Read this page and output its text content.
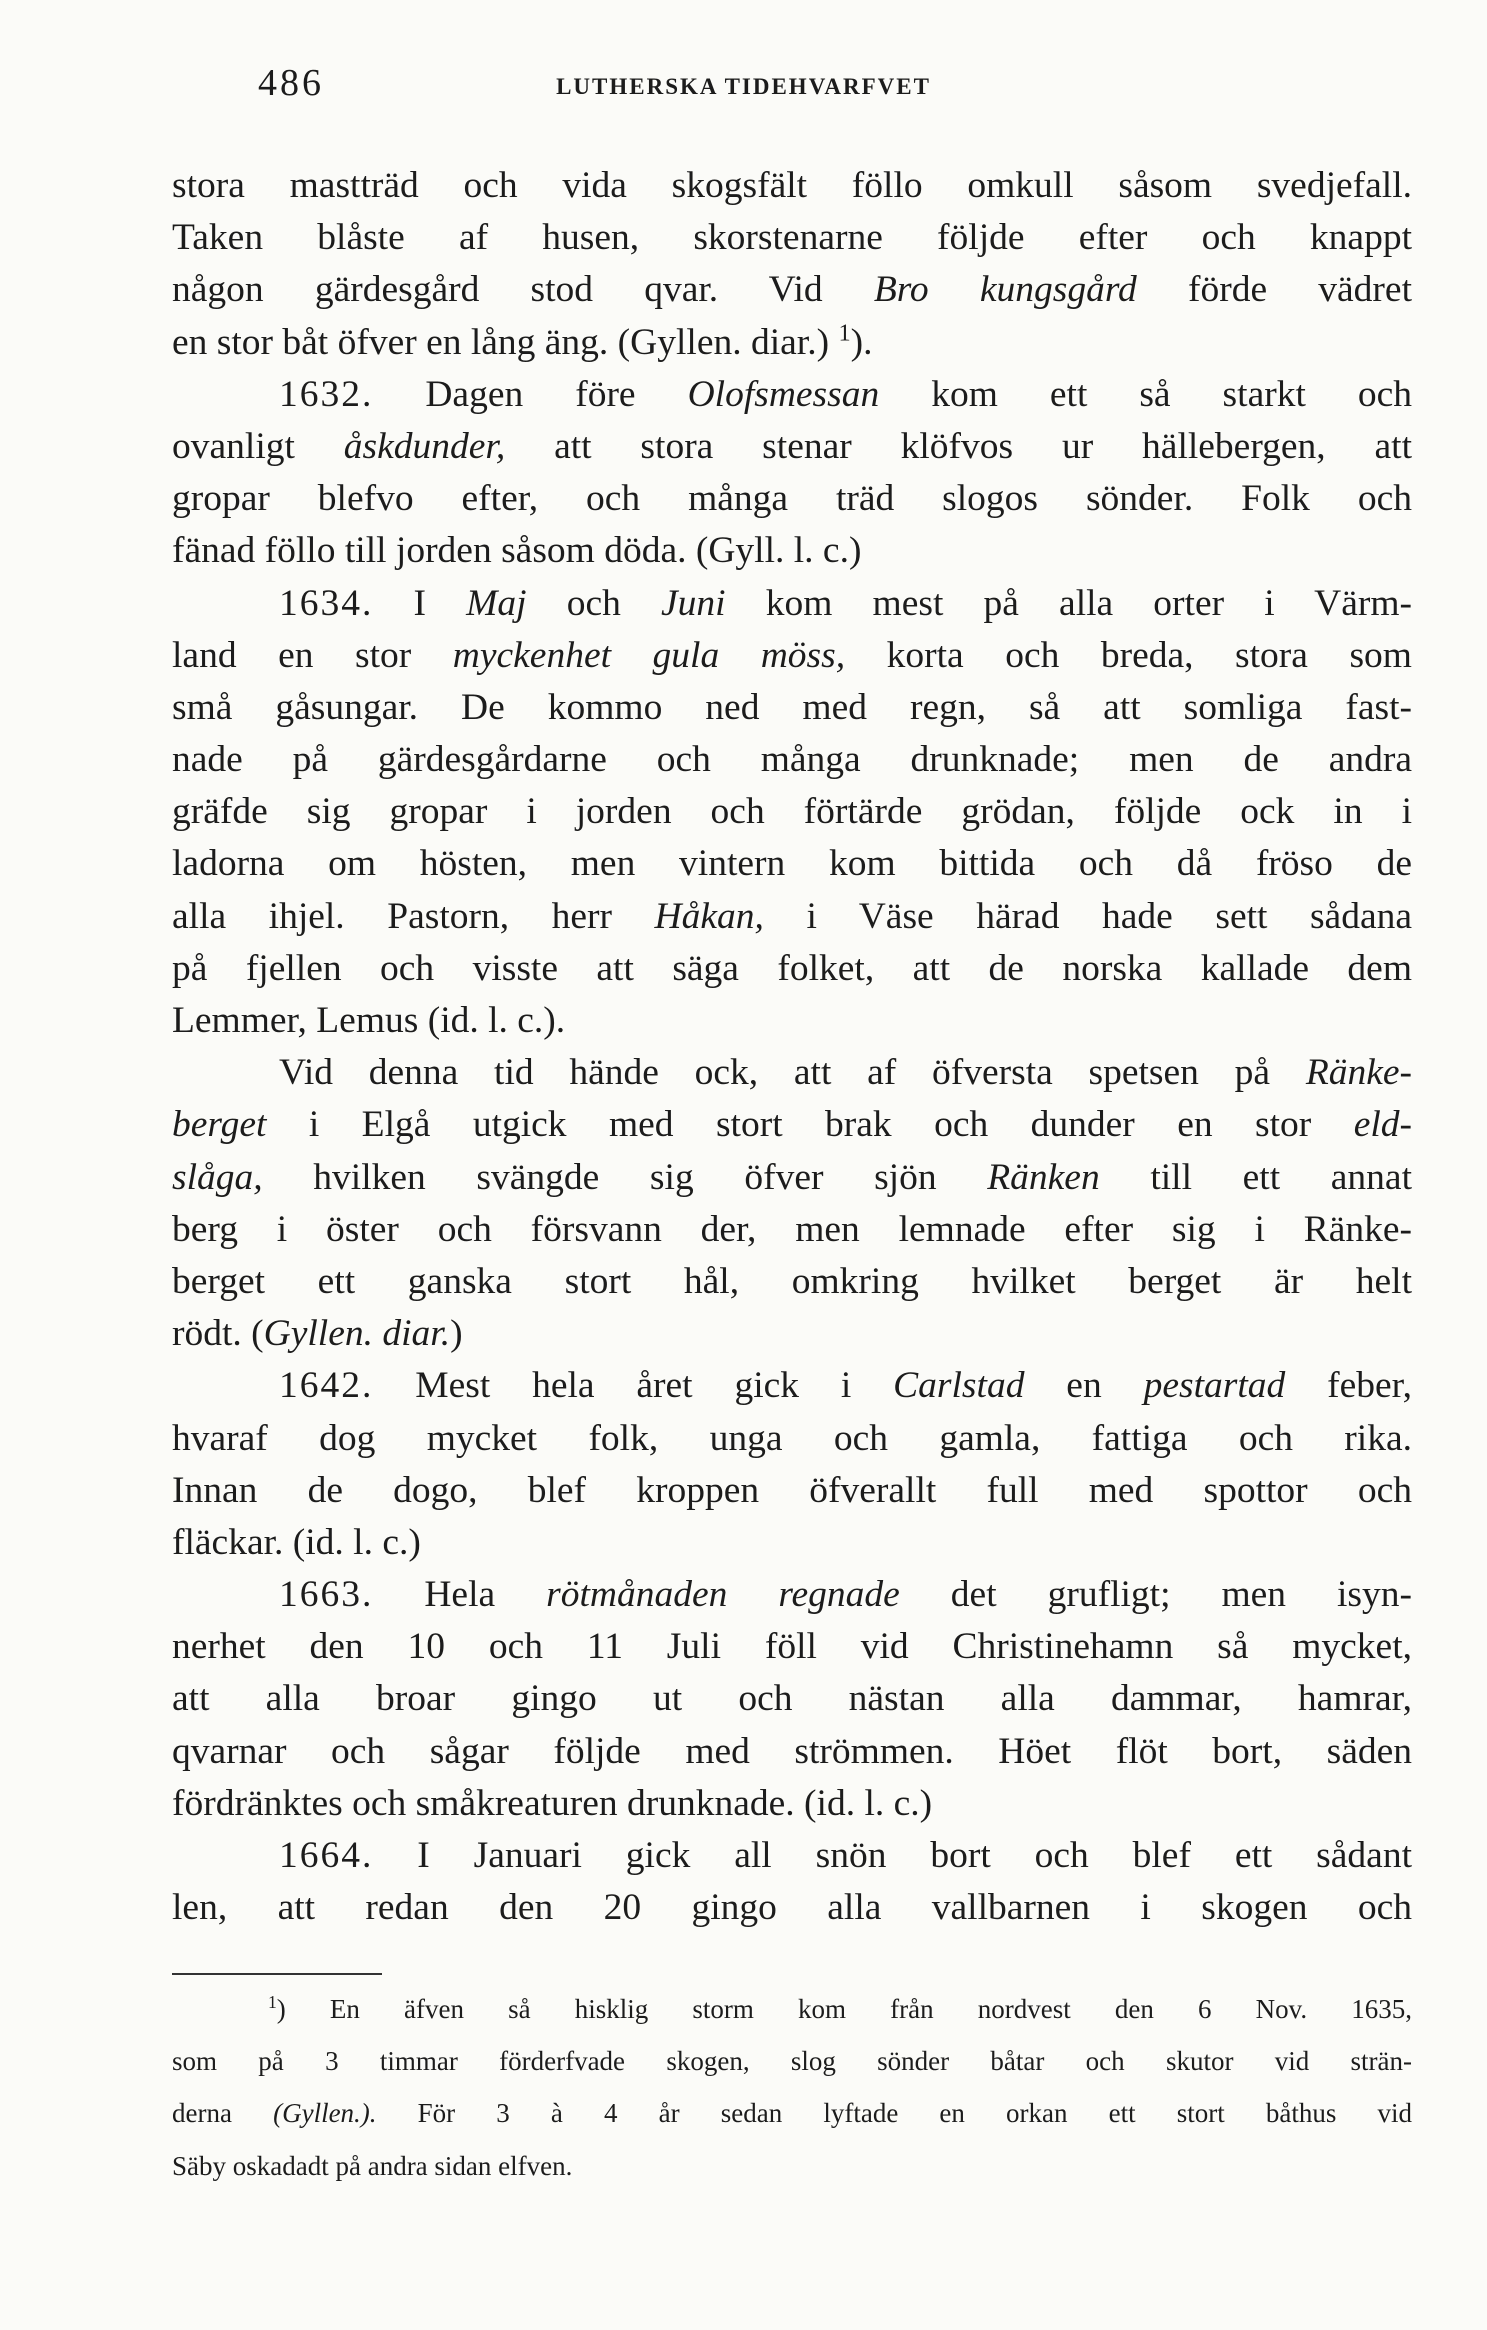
486	LUTHERSKA TIDEHVARFVET
stora mastträd och vida skogsfält föllo omkull såsom svedjefall.
Taken blåste af husen, skorstenarne följde efter och knappt
någon gärdesgård stod qvar. Vid Bro kungsgård förde vädret
en stor båt öfver en lång äng. (Gyllen. diar.) $^1$).
1632. Dagen före Olofsmessan kom ett så starkt och
ovanligt åskdunder, att stora stenar klöfvos ur hällebergen, att
gropar blefvo efter, och många träd slogos sönder. Folk och
fänad föllo till jorden såsom döda. (Gyll. l. c.)
1634. I Maj och Juni kom mest på alla orter i Värm-
land en stor myckenhet gula möss, korta och breda, stora som
små gåsungar. De kommo ned med regn, så att somliga fast-
nade på gärdesgårdarne och många drunknade; men de andra
gräfde sig gropar i jorden och förtärde grödan, följde ock in i
ladorna om hösten, men vintern kom bittida och då fröso de
alla ihjel. Pastorn, herr Håkan, i Väse härad hade sett sådana
på fjellen och visste att säga folket, att de norska kallade dem
Lemmer, Lemus (id. l. c.).
Vid denna tid hände ock, att af öfversta spetsen på Ränke-
berget i Elgå utgick med stort brak och dunder en stor eld-
slåga, hvilken svängde sig öfver sjön Ränken till ett annat
berg i öster och försvann der, men lemnade efter sig i Ränke-
berget ett ganska stort hål, omkring hvilket berget är helt
rödt. (Gyllen. diar.)
1642. Mest hela året gick i Carlstad en pestartad feber,
hvaraf dog mycket folk, unga och gamla, fattiga och rika.
Innan de dogo, blef kroppen öfverallt full med spottor och
fläckar. (id. l. c.)
1663. Hela rötmånaden regnade det grufligt; men isyn-
nerhet den 10 och 11 Juli föll vid Christinehamn så mycket,
att alla broar gingo ut och nästan alla dammar, hamrar,
qvarnar och sågar följde med strömmen. Höet flöt bort, säden
fördränktes och småkreaturen drunknade. (id. l. c.)
1664. I Januari gick all snön bort och blef ett sådant
len, att redan den 20 gingo alla vallbarnen i skogen och
$^1$) En äfven så hisklig storm kom från nordvest den 6 Nov. 1635,
som på 3 timmar förderfvade skogen, slog sönder båtar och skutor vid strän-
derna (Gyllen.). För 3 à 4 år sedan lyftade en orkan ett stort båthus vid
Säby oskadadt på andra sidan elfven.
